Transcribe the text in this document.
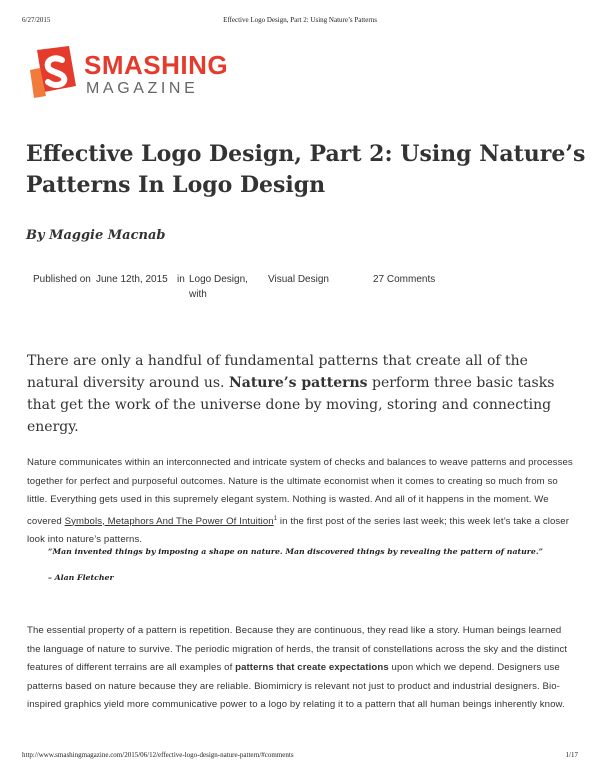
6/27/2015	Effective Logo Design, Part 2: Using Nature’s Patterns
SMASHING
MAGAZINE
Effective Logo Design, Part 2: Using Nature’s Patterns In Logo Design

By Maggie Macnab

Published on June 12th, 2015 in Logo Design,
with
Visual Design	27 Comments

There are only a handful of fundamental patterns that create all of the natural diversity around us. Nature’s patterns perform three basic tasks that get the work of the universe done by moving, storing and connecting energy.

Nature communicates within an interconnected and intricate system of checks and balances to weave patterns and processes together for perfect and purposeful outcomes. Nature is the ultimate economist when it comes to creating so much from so little. Everything gets used in this supremely elegant system. Nothing is wasted. And all of it happens in the moment. We covered Symbols, Metaphors And The Power Of Intuition$^1$ in the first post of the series last week; this week let’s take a closer look into nature’s patterns.

“Man invented things by imposing a shape on nature. Man discovered things by revealing the pattern of nature.”

– Alan Fletcher

The essential property of a pattern is repetition. Because they are continuous, they read like a story. Human beings learned the language of nature to survive. The periodic migration of herds, the transit of constellations across the sky and the distinct features of different terrains are all examples of patterns that create expectations upon which we depend. Designers use patterns based on nature because they are reliable. Biomimicry is relevant not just to product and industrial designers. Bio-inspired graphics yield more communicative power to a logo by relating it to a pattern that all human beings inherently know.

http://www.smashingmagazine.com/2015/06/12/effective-logo-design-nature-pattern/#comments	1/17
